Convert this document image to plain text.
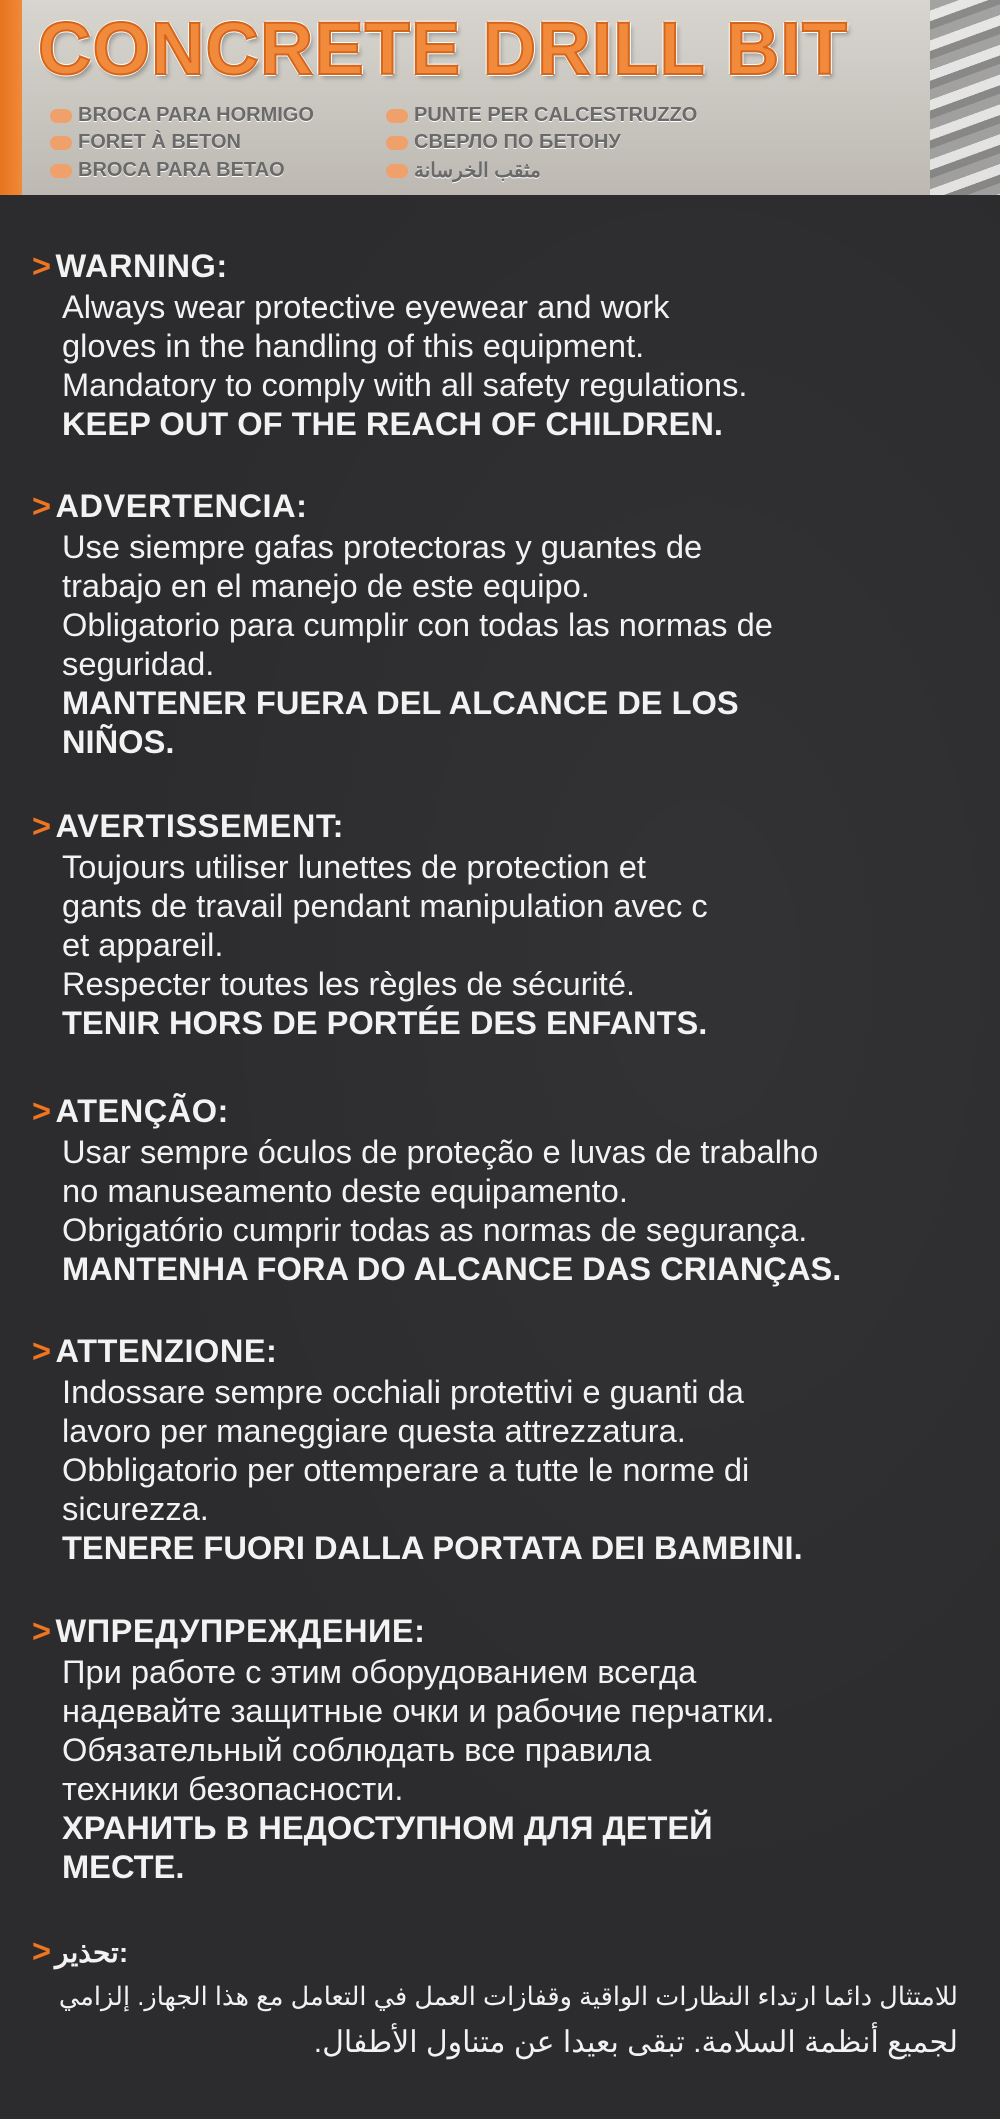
CONCRETE DRILL BIT
BROCA PARA HORMIGO	PUNTE PER CALCESTRUZZO
FORET À BETON	СВЕРЛО ПО БЕТОНУ
BROCA PARA BETAO	مثقب الخرسانة
> WARNING:
Always wear protective eyewear and work
gloves in the handling of this equipment.
Mandatory to comply with all safety regulations.
KEEP OUT OF THE REACH OF CHILDREN.
> ADVERTENCIA:
Use siempre gafas protectoras y guantes de
trabajo en el manejo de este equipo.
Obligatorio para cumplir con todas las normas de
seguridad.
MANTENER FUERA DEL ALCANCE DE LOS
NIÑOS.
> AVERTISSEMENT:
Toujours utiliser lunettes de protection et
gants de travail pendant manipulation avec c
et appareil.
Respecter toutes les règles de sécurité.
TENIR HORS DE PORTÉE DES ENFANTS.
> ATENÇÃO:
Usar sempre óculos de proteção e luvas de trabalho
no manuseamento deste equipamento.
Obrigatório cumprir todas as normas de segurança.
MANTENHA FORA DO ALCANCE DAS CRIANÇAS.
> ATTENZIONE:
Indossare sempre occhiali protettivi e guanti da
lavoro per maneggiare questa attrezzatura.
Obbligatorio per ottemperare a tutte le norme di
sicurezza.
TENERE FUORI DALLA PORTATA DEI BAMBINI.
> WПРЕДУПРЕЖДЕНИЕ:
При работе с этим оборудованием всегда
надевайте защитные очки и рабочие перчатки.
Обязательный соблюдать все правила
техники безопасности.
ХРАНИТЬ В НЕДОСТУПНОМ ДЛЯ ДЕТЕЙ
МЕСТЕ.
> تحذير:
للامتثال دائما ارتداء النظارات الواقية وقفازات العمل في التعامل مع هذا الجهاز. إلزامي
لجميع أنظمة السلامة. تبقى بعيدا عن متناول الأطفال.
